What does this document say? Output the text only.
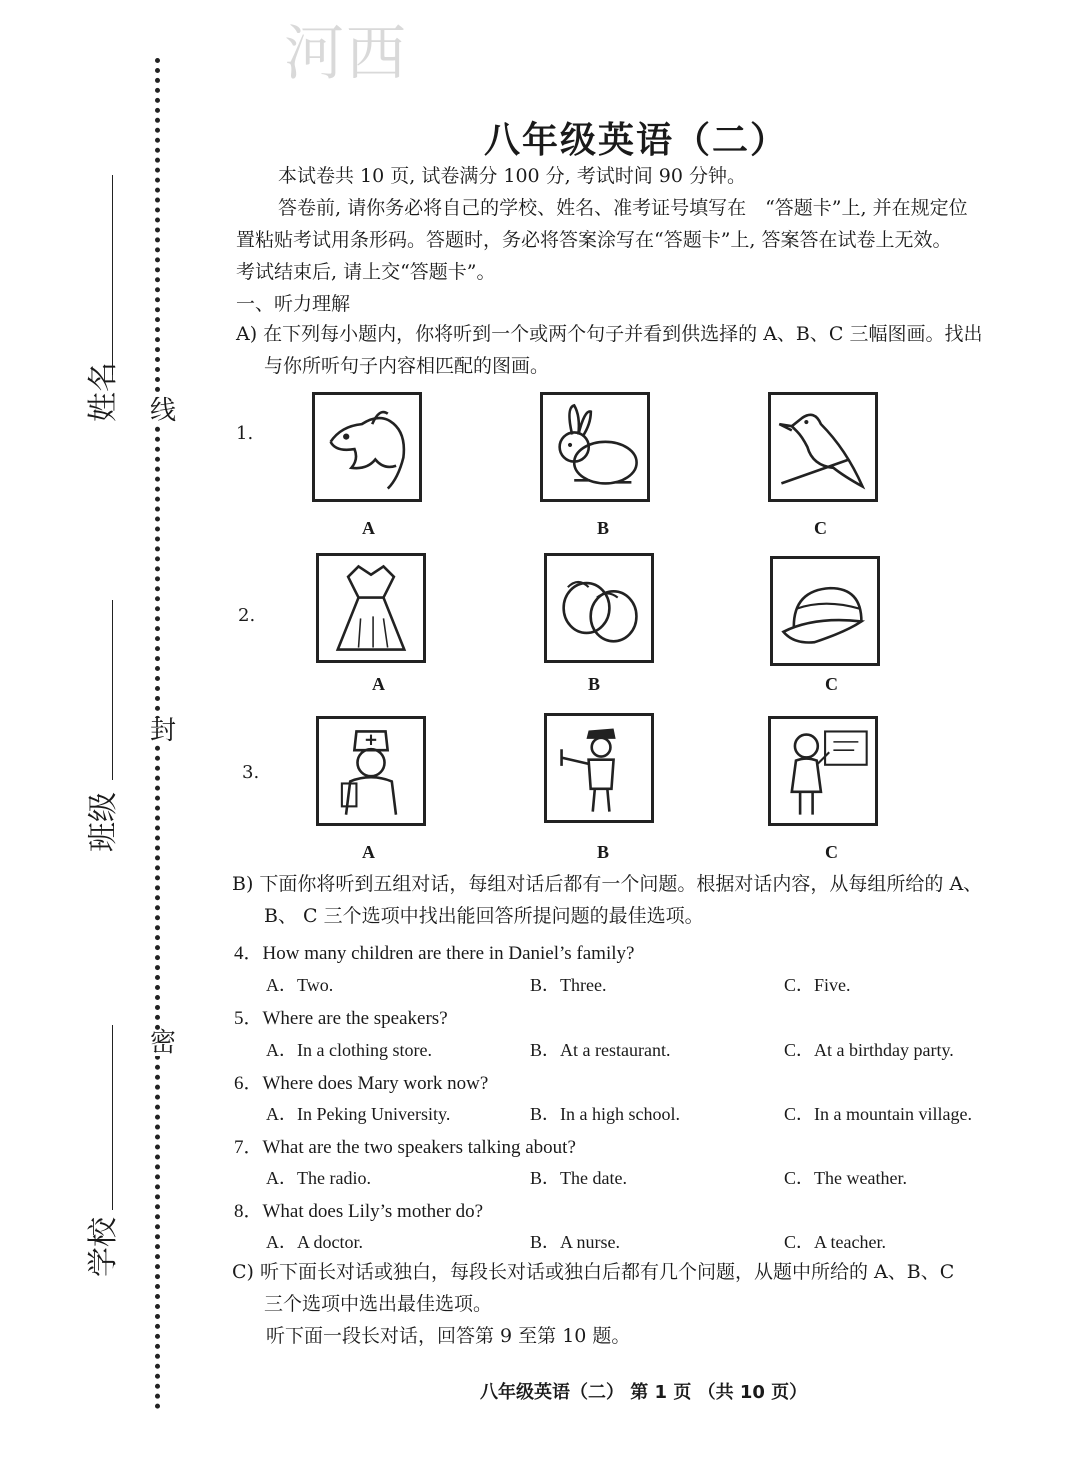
河西
线
封
密
姓名
班级
学校
八年级英语（二）
本试卷共 10 页, 试卷满分 100 分, 考试时间 90 分钟。
答卷前, 请你务必将自己的学校、姓名、准考证号填写在　“答题卡”上, 并在规定位
置粘贴考试用条形码。答题时，务必将答案涂写在“答题卡”上, 答案答在试卷上无效。
考试结束后, 请上交“答题卡”。
一、听力理解
A) 在下列每小题内，你将听到一个或两个句子并看到供选择的 A、B、C 三幅图画。找出
与你所听句子内容相匹配的图画。
1.
A	B	C
2.
A	B	C
3.
A	B	C
B) 下面你将听到五组对话，每组对话后都有一个问题。根据对话内容，从每组所给的 A、
B、 C 三个选项中找出能回答所提问题的最佳选项。
4．How many children are there in Daniel’s family?
A．Two.	B．Three.	C．Five.
5．Where are the speakers?
A．In a clothing store.	B．At a restaurant.	C．At a birthday party.
6．Where does Mary work now?
A．In Peking University.	B．In a high school.	C．In a mountain village.
7．What are the two speakers talking about?
A．The radio.	B．The date.	C．The weather.
8．What does Lily’s mother do?
A．A doctor.	B．A nurse.	C．A teacher.
C) 听下面长对话或独白，每段长对话或独白后都有几个问题，从题中所给的 A、B、C
三个选项中选出最佳选项。
听下面一段长对话，回答第 9 至第 10 题。
八年级英语（二） 第 1 页 （共 10 页）
